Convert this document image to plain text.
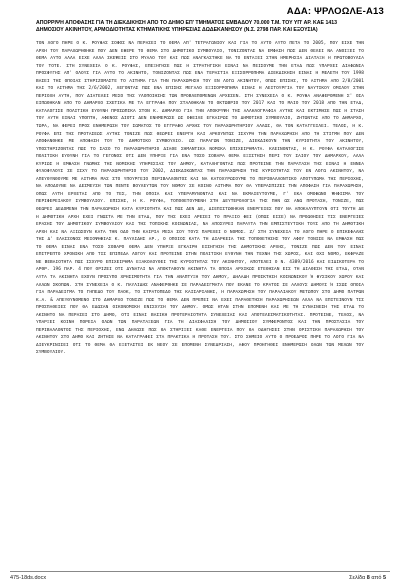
ΑΔΑ: ΨΡΛΟΩΛΕ-Α13
ΑΠΟΡΡΙΨΗ ΑΠΟΦΑΣΗΣ ΓΙΑ ΤΗ ΔΙΕΚΔΙΚΗΣΗ ΑΠΟ ΤΟ ΔΗΜΟ ΕΠ' ΤΜΗΜΑΤΟΣ ΕΜΒΑΔΟΥ 70.000 Τ.Μ. ΤΟΥ ΥΠ' ΑΡ. ΚΑΕ 1413 ΔΗΜΟΣΙΟΥ ΑΚΙΝΗΤΟΥ, ΑΡΜΟΔΙΟΤΗΤΑΣ ΚΤΗΜΑΤΙΚΗΣ ΥΠΗΡΕΣΙΑΣ ΔΩΔΕΚΑΝΗΣΟΥ (Ν.Σ. 2798 ΠΑΡ. ΚΑΙ ΕΞΟΥΣΙΑ)
ΤΟΝ ΛΟΓΟ ΠΗΡΕ Ο Κ. ΡΟΥΦΑΣ ΣΟΦΟΣ ΝΑ ΠΕΡΑΣΕΙ ΤΟ ΘΕΜΑ ΑΠ' ΤΕΤΡΑΓΩΝΙΟΥ ΚΑΙ ΓΙΑ ΤΟ ΑΥΤΟ ΑΥΤΟ ΠΕΤΑ ΤΟ 2005, ΠΟΥ ΕΙΧΕ ΤΗΝ ΑΡΧΗ ΤΟΥ ΠΑΡΑΧΩΡΗΘΗΚΕ ΠΟΥ ΔΕΝ ΕΦΕΡΕ ΤΟ ΘΕΜΑ ΣΤΟ ΔΗΜΟΤΙΚΟ ΣΥΜΒΟΥΛΙΟ, ΤΟΝΙΖΟΝΤΑΣ ΝΑ ΕΜΦΑΣΗ ΠΩΣ ΔΕΝ ΘΕΛΕΙ ΝΑ ΑΝΟΙΞΕΙ ΤΟ ΘΕΜΑ ΑΥΤΟ ΑΛΛΑ ΕΙΧΕ ΑΛΛΑ ΣΚΕΨΕΙΣ ΣΤΟ ΜΥΑΛΟ ΤΟΥ ΚΑΙ ΠΩΣ ΑΝΑΓΚΑΣΤΗΚΕ ΝΑ ΤΟ ΕΝΤΑΞΕΙ ΣΤΗΝ ΗΜΕΡΗΣΙΑ ΔΙΑΤΑΞΗ Η ΠΡΩΤΟΒΟΥΛΙΑ ΤΟΥ ΤΟΤΕ. ΣΤΗ ΣΥΝΕΧΕΙΑ Ο Κ. ΡΟΥΦΑΣ, ΕΠΕΞΗΓΗΣΕ ΠΩΣ Η ΣΤΡΑΤΗΓΙΚΗ ΕΙΝΑΙ ΝΑ ΠΕΙΣΟΥΜΕ ΤΗΝ ΕΤΑΔ ΠΩΣ ΥΠΑΡΧΕΙ ΔΙΑΦΩΝΙΑ ΠΡΟΣΦΥΓΗΣ ΑΠ' ΟΛΟΥΣ ΓΙΑ ΑΥΤΟ ΤΟ ΑΚΙΝΗΤΟ, ΤΟΝΙΖΟΝΤΑΣ ΠΩΣ ΕΝΑ ΤΕΡΑΣΤΙΑ ΕΞΙΣΟΡΡΟΠΗΜΑ ΔΙΕΚΔΙΚΗΣΗ ΕΙΝΑΙ Η ΜΕΛΕΤΗ ΤΟΥ 1998 ΒΑΣΕΙ ΤΗΣ ΟΠΟΙΑΣ ΣΤΗΡΙΖΟΜΑΣΤΕ ΤΟ ΑΙΤΗΜΑ ΓΙΑ ΤΗΝ ΠΑΡΑΧΩΡΗΣΗ ΤΟΥ ΕΝ ΛΟΓΩ ΑΚΙΝΗΤΟΥ, ΟΠΩΣ ΕΠΙΣΗΣ, ΤΟ ΑΙΤΗΜΑ ΑΠΟ 2/8/2001 ΚΑΙ ΤΟ ΑΙΤΗΜΑ ΤΗΣ 2/6/2002, ΛΕΓΟΝΤΑΣ ΠΩΣ ΕΝΑ ΕΠΙΣΗΣ ΜΕΓΑΛΟ ΕΞΙΣΟΡΡΟΠΗΜΑ ΕΙΝΑΙ Η ΛΕΙΤΟΥΡΓΙΑ ΤΟΥ ΝΑΥΤΙΚΟΥ ΟΜΙΛΟΥ ΣΤΗΝ ΠΕΡΙΟΧΗ ΑΥΤΗ, ΠΟΥ ΔΙΑΤΕΛΕΙ ΜΕΣΟ ΤΗΣ ΥΛΟΠΟΙΗΣΗΣ ΤΩΝ ΠΡΟΒΛΕΠΟΜΕΝΩΝ ΑΡΧΕΣΕΝ. ΣΤΗ ΣΥΝΕΧΕΙΑ Ο Κ. ΡΟΥΦΑ ΑΝΑΦΕΡΟΜΕΝΗ Σ' ΟΣΑ ΕΙΠΩΘΗΚΑΝ ΑΠΟ ΤΟ ΔΗΜΑΡΧΟ ΣΧΕΤΙΚΑ ΜΕ ΤΑ ΕΓΓΡΑΦΑ ΠΟΥ ΣΤΑΛΘΗΚΑΝ ΤΟ ΟΚΤΩΒΡΙΟ ΤΟΥ 2017 ΚΑΙ ΤΟ ΜΑΙΟ ΤΟΥ 2018 ΑΠΟ ΤΗΝ ΕΤΑΔ, ΚΑΤΑΛΟΓΙΣΕ ΠΟΛΙΤΙΚΗ ΕΥΘΥΝΗ ΠΡΟΣΩΠΙΚΑ ΣΤΟΝ Κ. ΔΗΜΑΡΧΟ ΓΙΑ ΤΗΝ ΑΠΟΚΡΥΨΗ ΤΗΣ ΑΛΛΗΛΟΓΡΑΦΙΑ ΑΥΤΗΣ ΚΑΙ ΕΚΤΙΜΗΣΕ ΠΩΣ Η ΣΤΑΣΗ ΤΟΥ ΑΥΤΗ ΕΙΝΑΙ ΥΠΟΠΤΗ, ΑΦΕΝΟΣ ΔΙΟΤΙ ΔΕΝ ΕΝΗΜΕΡΩΣΕ ΩΣ ΟΦΕΙΛΕ ΕΓΚΑΙΡΩΣ ΤΟ ΔΗΜΟΤΙΚΟ ΣΥΜΒΟΥΛΙΟ, ΖΗΤΩΝΤΑΣ ΑΠΟ ΤΟ ΔΗΜΑΡΧΟ, ΤΩΡΑ, ΝΑ ΦΕΡΕΙ ΠΡΟΣ ΕΝΗΜΕΡΩΣΗ ΤΟΥ ΣΩΜΑΤΟΣ ΤΟ ΕΓΓΡΑΦΟ ΑΡΧΗΣ ΤΟΥ ΠΑΡΑΧΩΡΗΤΗΡΙΟΥ ΑΛΛΩΣ, ΘΑ ΤΟΝ ΚΑΤΑΓΓΕΙΛΕΙ. ΤΕΛΟΣ, Η Κ. ΡΟΥΦΑ ΕΠΙ ΤΗΣ ΠΡΟΤΑΣΕΩΣ ΑΥΤΗΣ ΤΟΝΙΖΕ ΠΩΣ ΘΕΩΡΕΙ ΕΝΕΡΓΗ ΚΑΙ ΑΡΚΟΥΝΤΩΣ ΙΣΧΥΡΗ ΤΗΝ ΠΑΡΑΧΩΡΗΣΗ ΑΠΟ ΤΗ ΣΤΙΓΜΗ ΠΟΥ ΔΕΝ ΑΠΟΦΑΝΘΗΚΕ ΜΕ ΑΠΟΦΑΣΗ ΤΟΥ ΤΟ ΔΗΜΟΤΙΚΟ ΣΥΜΒΟΥΛΙΟ. ΩΣ ΠΑΡΑΓΩΝ ΤΟΝΙΖΕ, ΔΙΕΚΔΙΚΟΥΝ ΤΗΝ ΚΥΡΙΟΤΗΤΑ ΤΟΥ ΑΚΙΝΗΤΟΥ, ΥΠΟΣΤΗΡΙΖΟΝΤΑΣ ΠΩΣ ΤΟ ΣΑΣΟ ΤΟ ΠΑΡΑΧΩΡΗΤΗΡΙΟ ΔΙΑΘΕ ΣΗΜΑΝΤΙΚΑ ΝΟΜΙΚΑ ΕΠΙΧΕΙΡΗΜΑΤΑ. ΚΛΕΙΝΟΝΤΑΣ, Η Κ. ΡΟΥΦΑ ΚΑΤΑΛΟΓΙΣΕ ΠΟΛΙΤΙΚΗ ΕΥΘΥΝΗ ΓΙΑ ΤΟ ΓΕΓΟΝΟΣ ΟΤΙ ΔΕΝ ΥΠΗΡΞΕ ΓΙΑ ΕΝΑ ΤΟΣΟ ΣΟΒΑΡΑ ΘΕΜΑ ΕΞΙΣΤΗΣΗ ΠΕΡΙ ΤΟΥ ΣΑΙΟΥ ΤΟΥ ΔΗΜΑΡΧΟΥ, ΑΛΛΑ ΚΥΡΙΩΣ Η ΕΜΦΑΣΗ ΓΝΩΜΗΣ ΤΗΣ ΝΟΜΙΚΗΣ ΥΠΗΡΕΣΙΑΣ ΤΟΥ ΔΗΜΟΥ, ΚΑΤΑΛΗΓΟΝΤΑΣ ΠΩΣ ΠΡΟΤΕΙΝΕ ΤΗΝ ΠΑΡΑΤΑΣΗ ΤΗΣ ΕΙΝΑΙ Η ΕΝΝΕΑ ΦΥΛΟΦΥΛΟΥΣ ΣΕ ΙΣΧΥ ΤΟ ΠΑΡΑΧΩΡΗΤΗΡΙΟ ΤΟΥ 2002, ΔΙΕΚΔΙΚΩΝΤΑΣ ΤΗΝ ΠΑΡΑΧΩΡΗΣΗ ΤΗΣ ΚΥΡΙΟΤΗΤΑΣ ΤΟΥ ΕΝ ΛΟΓΩ ΑΚΙΝΗΤΟΥ, ΝΑ ΑΠΕΥΘΥΝΘΟΥΜΕ ΜΕ ΑΙΤΗΜΑ ΜΑΣ ΣΤΟ ΥΠΟΥΡΓΕΙΟ ΠΕΡΙΒΑΛΛΟΝΤΟΣ ΚΑΙ ΝΑ ΚΑΤΟΧΥΡΩΣΟΥΜΕ ΤΟ ΠΕΡΙΒΑΛΛΟΝΤΙΚΟ ΑΠΟΤΥΠΩΜΑ ΤΗΣ ΠΕΡΙΟΧΗΣ, ΝΑ ΑΠΟΔΟΥΝΕ ΝΑ ΔΕΣΜΕΥΣΗ ΤΩΝ ΠΕΝΤΕ ΒΟΥΛΕΥΤΩΝ ΤΟΥ ΝΟΜΟΥ ΣΕ ΚΟΙΝΟ ΑΙΤΗΜΑ ΠΟΥ ΘΑ ΥΠΕΡΑΣΠΙΖΕΙ ΤΗΝ ΑΠΟΦΑΣΗ ΓΙΑ ΠΑΡΑΧΩΡΗΣΗ, ΟΠΩΣ ΑΥΤΗ ΕΡΧΕΤΑΙ ΑΠΟ ΤΟ ΤΕΣ, ΤΗΝ ΟΠΟΙΑ ΚΑΙ ΥΠΕΡΑΜΥΝΟΝΤΑΙ ΚΑΙ ΝΑ ΕΚΜΑΙΕΥΤΟΥΜΕ, Γ' ΕΚΑ ΟΜΟΦΩΝΟ ΨΗΦΙΣΜΑ ΤΟΥ ΠΕΡΙΦΕΡΕΙΑΚΟΥ ΣΥΜΒΟΥΛΙΟΥ. ΕΠΙΣΗΣ, Η Κ. ΡΟΥΦΑ, ΤΟΠΟΘΕΤΟΥΜΕΝΗ ΣΤΗ ΔΕΥΤΕΡΟΛΟΓΙΑ ΤΗΣ ΠΗΝ ΩΣ ΑΝΩ ΠΡΟΤΑΣΗ, ΤΟΝΙΖΕ, ΠΩΣ ΘΕΩΡΕΙ ΔΕΔΟΜΕΝΗ ΤΗΝ ΠΑΡΑΧΩΡΗΣΗ ΚΑΤΑ ΚΥΡΙΟΤΗΤΑ ΚΑΙ ΠΩΣ ΔΕΝ ΔΕ, ΔΙΕΠΙΣΤΩΘΗΚΑΝ ΕΝΕΡΓΕΙΕΣ ΠΟΥ ΝΑ ΑΠΟΚΑΛΥΠΤΟΥΝ ΟΤΙ ΤΟΥΤΗ ΔΕ Η ΔΗΜΟΤΙΚΗ ΑΡΧΗ ΕΧΕΙ ΓΝΩΣΤΑ ΜΕ ΤΗΝ ΕΤΑΔ, ΠΟΥ ΤΗΣ ΕΧΕΙ ΑΡΕΣΕΙ ΤΟ ΠΡΑΞΙΟ ΦΕΙ (ΟΠΩΣ ΕΙΣΕ) ΝΑ ΠΡΟΩΘΗΣΕΙ ΤΙΣ ΕΝΕΡΓΕΙΕΣ ΕΡΑΣΗΣ ΤΟΥ ΔΗΜΟΤΙΚΟΥ ΣΥΜΒΟΥΛΙΟΥ ΚΑΙ ΤΗΣ ΤΟΠΙΚΗΣ ΚΟΙΝΩΝΙΑΣ, ΝΑ ΑΠΟΣΥΡΕΙ ΠΑΡΑΥΤΑ ΤΗΝ ΕΜΠΙΣΤΕΥΤΙΚΗ ΤΟΥΣ ΑΠΟ ΤΗ ΔΗΜΟΤΙΚΗ ΑΡΧΗ ΚΑΙ ΝΑ ΑΞΙΩΣΟΥΝ ΚΑΤΑ ΤΗΝ ΟΔΟ ΤΗΝ ΚΑΙΡΙΑ ΜΕΣΑ ΣΟΥ ΤΟΥΣ ΠΑΡΕΧΕΙ Ο ΝΟΜΟΣ. Ζ/ ΣΤΗ ΣΥΝΕΧΕΙΑ ΤΟ ΛΟΓΟ ΠΗΡΕ Ο ΕΠΙΚΕΦΑΛΗΣ ΤΗΣ Δ' ΕΛΑΣΣΟΝΟΣ ΜΕΙΟΨΗΦΙΑΣ Κ. ΠΑΥΛΙΔΗΣ ΑΡ., Ο ΟΠΟΙΟΣ ΚΑΤΑ ΤΗ ΔΙΑΡΚΕΙΑ ΤΗΣ ΤΟΠΟΘΕΤΗΣΗΣ ΤΟΥ ΑΦΟΥ ΤΟΝΙΣΕ ΝΑ ΕΜΦΑΣΗ ΠΩΣ ΤΟ ΘΕΜΑ ΕΙΝΑΙ ΕΝΑ ΤΟΣΟ ΣΟΒΑΡΟ ΘΕΜΑ ΔΕΝ ΥΠΗΡΞΕ ΕΓΚΑΙΡΗ ΕΙΣΗΓΗΣΗ ΤΗΣ ΔΗΜΟΤΙΚΗΣ ΑΡΧΗΣ, ΤΟΝΙΖΕ ΠΩΣ ΔΕΝ ΤΟΥ ΕΙΝΑΙ ΕΠΙΤΡΕΠΤΟ ΧΡΟΝΙΚΗ ΑΠΟ ΤΙΣ ΕΠΙΠΕΔΑ ΛΟΓΟΥ ΚΑΙ ΠΡΟΤΕΙΝΕ ΣΤΗΝ ΠΟΛΙΤΙΚΗ ΕΥΘΥΝΗ ΤΗΝ ΤΕΧΝΗ ΤΗΣ ΧΩΡΟΣ, ΚΑΙ ΟΧΙ ΝΟΜΟ, ΕΚΦΡΑΖΕ ΝΕ ΒΕΒΑΙΟΤΗΤΑ ΠΩΣ ΙΣΧΥΡΟ ΕΠΙΧΕΙΡΗΜΑ ΕΞΑΚΟΛΟΥΘΕΙ ΤΗΣ ΚΥΡΙΟΤΗΤΑΣ ΤΟΥ ΑΚΙΝΗΤΟΥ, ΑΠΟΤΕΛΕΙ Ο Ν. 4389/2016 ΚΑΙ ΕΙΔΙΚΟΤΕΡΑ ΤΟ ΑΡΘΡ. 196 ΠΑΡ. 4 ΠΟΥ ΟΡΙΖΕΙ ΟΤΙ ΔΥΝΑΤΑΙ ΝΑ ΑΠΟΚΤΑΘΟΥΝ ΑΚΙΝΗΤΑ ΤΑ ΟΠΟΙΑ ΑΡΧΙΚΩΣ ΕΤΕΘΗΣΑΝ ΕΙΣ ΤΗ ΔΙΑΘΕΣΗ ΤΗΣ ΕΤΑΔ, ΟΤΑΝ ΑΥΤΑ ΤΑ ΑΚΙΝΗΤΑ ΕΧΟΥΝ ΠΡΟΣΥΠΟ ΧΡΗΣΙΜΟΤΗΤΑ ΓΙΑ ΤΗΝ ΑΝΑΠΤΥΞΗ ΤΟΥ ΔΗΜΟΥ, ΔΗΛΑΔΗ ΠΡΟΣΚΤΗΣΗ ΚΟΙΝΩΝΙΚΟΥ Ή ΦΥΣΙΚΟΥ ΧΩΡΟΥ ΚΑΙ ΑΛΛΩΝ ΣΚΟΠΩΝ. ΣΤΗ ΣΥΝΕΧΕΙΑ Ο Κ. ΠΑΥΛΙΔΗΣ ΑΝΑΦΕΡΘΗΚΕ ΣΕ ΠΑΡΑΔΕΙΓΜΑΤΑ ΠΟΥ ΕΚΑΝΕ ΤΟ ΚΡΑΤΟΣ ΣΕ ΑΛΛΟΥΣ ΔΗΜΟΥΣ Ή ΙΣΩΣ ΟΠΟΙΑ ΓΙΑ ΠΑΡΑΔΕΙΓΜΑ ΤΟ ΓΗΠΕΔΟ ΤΟΥ ΠΑΟΚ, ΤΟ ΣΤΡΑΤΟΠΕΔΟ ΤΗΣ ΚΑΙΣΑΡΙΑΝΗΣ, Η ΠΑΡΑΧΩΡΗΣΗ ΤΟΥ ΠΑΡΑΛΙΑΚΟΥ ΜΕΤΩΠΟΥ ΣΤΟ ΔΗΜΟ ΠΑΤΡΩΝ Κ.Α. & ΑΠΕΥΘΥΝΟΜΕΝΟ ΣΤΟ ΔΗΜΑΡΧΟ ΤΟΝΙΖΕ ΠΩΣ ΤΟ ΘΕΜΑ ΔΕΝ ΠΡΕΠΕΙ ΝΑ ΕΧΕΙ ΠΑΡΑΘΕΤΗΣΗ ΠΑΡΑΧΩΡΗΣΕΩΝ ΑΛΛΑ ΝΑ ΕΠΙΤΕΙΝΟΥΝ ΤΙΣ ΠΡΟΣΠΑΘΕΙΕΣ ΠΟΥ ΘΑ ΕΔΩΣΑΝ ΟΙΚΟΝΟΜΙΚΗ ΕΝΙΣΧΥΣΗ ΤΟΥ ΔΗΜΟΥ. ΟΜΩΣ ΗΤΑΝ ΣΤΗΝ ΕΠΟΜΕΝΗ ΚΑΙ ΜΕ ΤΗ ΣΥΝΑΙΝΕΣΗ ΤΗΣ ΕΤΑΔ ΤΟ ΑΚΙΝΗΤΟ ΝΑ ΠΕΡΑΣΕΙ ΣΤΟ ΔΗΜΟ, ΟΤΙ ΕΙΝΑΙ ΒΑΣΙΚΗ ΠΡΟΤΕΡΑΙΟΤΗΤΑ ΣΥΝΕΧΕΙΑΣ ΚΑΙ ΑΠΟΤΕΛΕΣΜΑΤΙΚΟΤΗΤΑΣ. ΠΡΟΤΕΙΝΕ, ΤΕΛΟΣ, ΝΑ ΥΠΑΡΞΕΙ ΚΟΙΝΗ ΠΟΡΕΙΑ ΟΛΩΝ ΤΩΝ ΠΑΡΑΤΑΞΕΩΝ ΓΙΑ ΤΗ ΔΙΑΣΦΑΛΙΣΗ ΤΟΥ ΔΗΜΟΣΙΟΥ ΣΥΜΦΕΡΟΝΤΟΣ ΚΑΙ ΤΗΝ ΠΡΟΣΤΑΣΙΑ ΤΟΥ ΠΕΡΙΒΑΛΛΟΝΤΟΣ ΤΗΣ ΠΕΡΙΟΧΗΣ, ΕΝΩ ΔΗΛΩΣΕ ΠΩΣ ΘΑ ΣΤΗΡΙΞΕΙ ΚΑΘΕ ΕΝΕΡΓΕΙΑ ΠΟΥ ΘΑ ΟΔΗΓΗΣΕΙ ΣΤΗΝ ΟΡΙΣΤΙΚΗ ΠΑΡΑΧΩΡΗΣΗ ΤΟΥ ΑΚΙΝΗΤΟΥ ΣΤΟ ΔΗΜΟ ΚΑΙ ΖΗΤΗΣΕ ΝΑ ΚΑΤΑΓΡΑΦΕΙ ΣΤΑ ΠΡΑΚΤΙΚΑ Η ΠΡΟΤΑΣΗ ΤΟΥ. ΣΤΟ ΣΗΜΕΙΟ ΑΥΤΟ Ο ΠΡΟΕΔΡΟΣ ΠΗΡΕ ΤΟ ΛΟΓΟ ΓΙΑ ΝΑ ΔΙΕΥΚΡΙΝΙΣΕΙ ΟΤΙ ΤΟ ΘΕΜΑ ΘΑ ΕΞΕΤΑΣΤΕΙ ΕΚ ΝΕΟΥ ΣΕ ΕΠΟΜΕΝΗ ΣΥΝΕΔΡΙΑΣΗ, ΑΦΟΥ ΠΡΟΗΓΗΘΕΙ ΕΝΗΜΕΡΩΣΗ ΟΛΩΝ ΤΩΝ ΜΕΛΩΝ ΤΟΥ ΣΥΜΒΟΥΛΙΟΥ.
475-18ds.docx	Σελίδα 8 από 5
